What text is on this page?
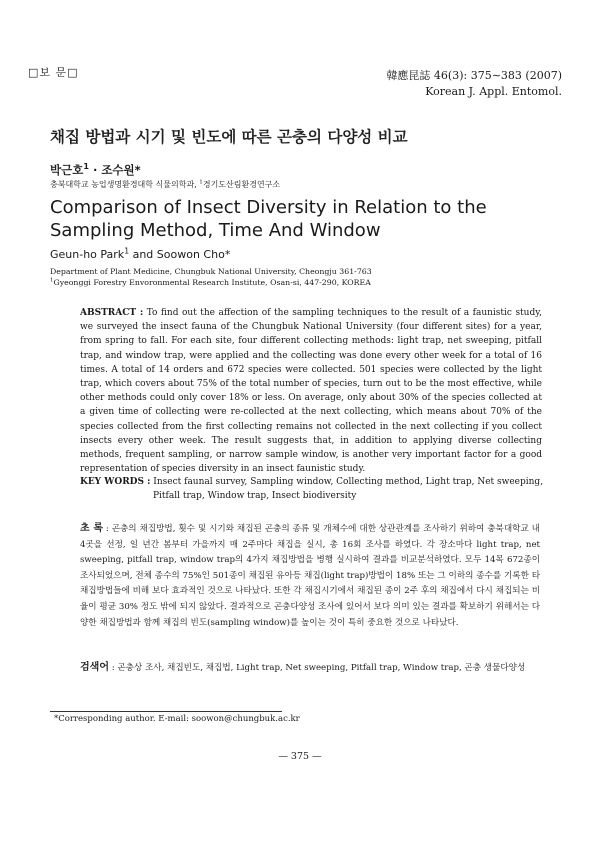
□보 문□	韓應昆誌 46(3): 375∼383 (2007)
Korean J. Appl. Entomol.
채집 방법과 시기 및 빈도에 따른 곤충의 다양성 비교
박근호$^1$ · 조수원*
충북대학교 농업생명환경대학 식물의학과, $^1$경기도산림환경연구소
Comparison of Insect Diversity in Relation to the Sampling Method, Time And Window
Geun-ho Park$^1$ and Soowon Cho*
Department of Plant Medicine, Chungbuk National University, Cheongju 361-763
$^1$Gyeonggi Forestry Envoronmental Research Institute, Osan-si, 447-290, KOREA
ABSTRACT : To find out the affection of the sampling techniques to the result of a faunistic study, we surveyed the insect fauna of the Chungbuk National University (four different sites) for a year, from spring to fall. For each site, four different collecting methods: light trap, net sweeping, pitfall trap, and window trap, were applied and the collecting was done every other week for a total of 16 times. A total of 14 orders and 672 species were collected. 501 species were collected by the light trap, which covers about 75% of the total number of species, turn out to be the most effective, while other methods could only cover 18% or less. On average, only about 30% of the species collected at a given time of collecting were re-collected at the next collecting, which means about 70% of the species collected from the first collecting remains not collected in the next collecting if you collect insects every other week. The result suggests that, in addition to applying diverse collecting methods, frequent sampling, or narrow sample window, is another very important factor for a good representation of species diversity in an insect faunistic study.
KEY WORDS : Insect faunal survey, Sampling window, Collecting method, Light trap, Net sweeping,
Pitfall trap, Window trap, Insect biodiversity
초 록 : 곤충의 채집방법, 횟수 및 시기와 채집된 곤충의 종류 및 개체수에 대한 상관관계를 조사하기 위하여 충북대학교 내 4곳을 선정, 일 년간 봄부터 가을까지 매 2주마다 채집을 실시, 총 16회 조사를 하였다. 각 장소마다 light trap, net sweeping, pitfall trap, window trap의 4가지 채집방법을 병행 실시하여 결과를 비교분석하였다. 모두 14목 672종이 조사되었으며, 전체 종수의 75%인 501종이 채집된 유아등 채집(light trap)방법이 18% 또는 그 이하의 종수를 기록한 타 채집방법들에 비해 보다 효과적인 것으로 나타났다. 또한 각 채집시기에서 채집된 종이 2주 후의 채집에서 다시 채집되는 비율이 평균 30% 정도 밖에 되지 않았다. 결과적으로 곤충다양성 조사에 있어서 보다 의미 있는 결과를 확보하기 위해서는 다양한 채집방법과 함께 채집의 빈도(sampling window)를 높이는 것이 특히 중요한 것으로 나타났다.
검색어 : 곤충상 조사, 채집빈도, 채집법, Light trap, Net sweeping, Pitfall trap, Window trap, 곤충 생물다양성
*Corresponding author. E-mail: soowon@chungbuk.ac.kr
— 375 —
